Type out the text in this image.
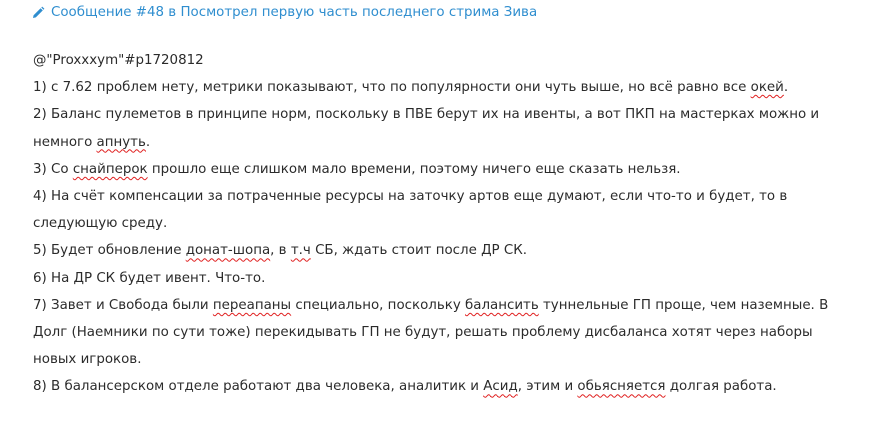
Сообщение #48 в Посмотрел первую часть последнего стрима Зива
@"Proxxxym"#p1720812
1) с 7.62 проблем нету, метрики показывают, что по популярности они чуть выше, но всё равно все окей.
2) Баланс пулеметов в принципе норм, поскольку в ПВЕ берут их на ивенты, а вот ПКП на мастерках можно и
немного апнуть.
3) Со снайперок прошло еще слишком мало времени, поэтому ничего еще сказать нельзя.
4) На счёт компенсации за потраченные ресурсы на заточку артов еще думают, если что-то и будет, то в
следующую среду.
5) Будет обновление донат-шопа, в т.ч СБ, ждать стоит после ДР СК.
6) На ДР СК будет ивент. Что-то.
7) Завет и Свобода были переапаны специально, поскольку балансить туннельные ГП проще, чем наземные. В
Долг (Наемники по сути тоже) перекидывать ГП не будут, решать проблему дисбаланса хотят через наборы
новых игроков.
8) В балансерском отделе работают два человека, аналитик и Асид, этим и обьясняется долгая работа.
